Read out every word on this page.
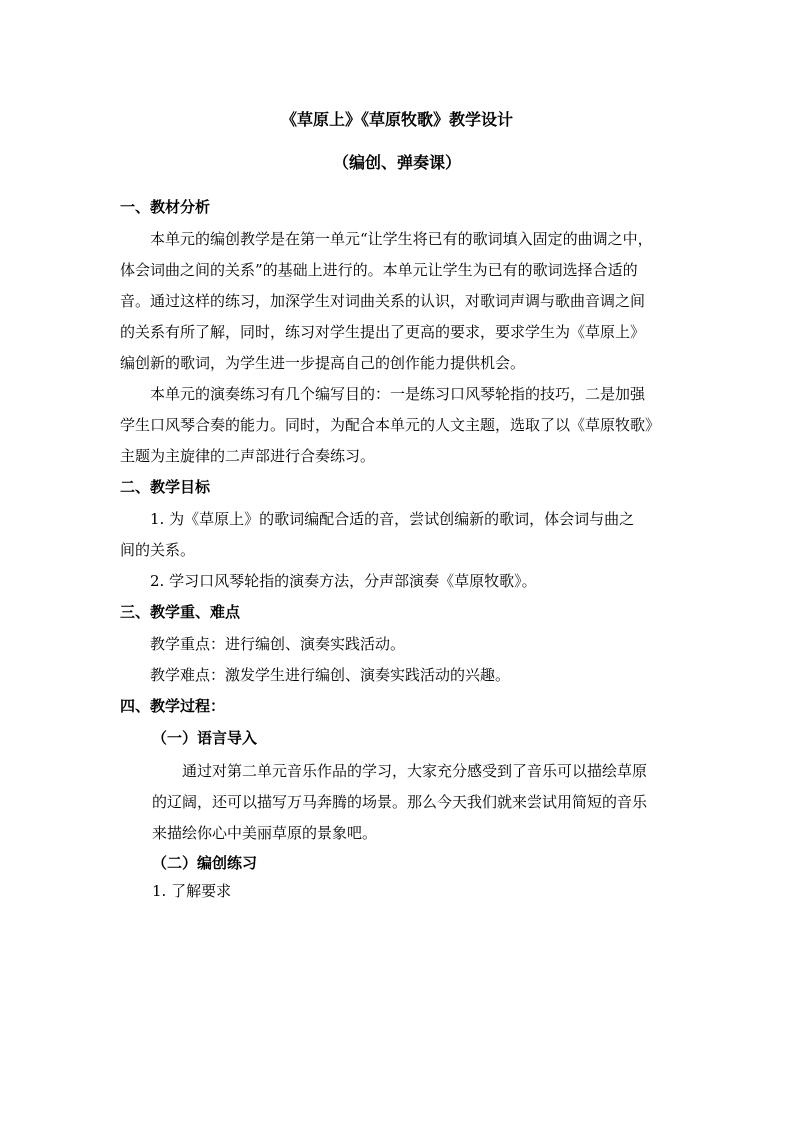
《草原上》《草原牧歌》教学设计
（编创、弹奏课）
一、教材分析
本单元的编创教学是在第一单元“让学生将已有的歌词填入固定的曲调之中，
体会词曲之间的关系”的基础上进行的。本单元让学生为已有的歌词选择合适的
音。通过这样的练习，加深学生对词曲关系的认识，对歌词声调与歌曲音调之间
的关系有所了解，同时，练习对学生提出了更高的要求，要求学生为《草原上》
编创新的歌词，为学生进一步提高自己的创作能力提供机会。
本单元的演奏练习有几个编写目的：一是练习口风琴轮指的技巧，二是加强
学生口风琴合奏的能力。同时，为配合本单元的人文主题，选取了以《草原牧歌》
主题为主旋律的二声部进行合奏练习。
二、教学目标
1. 为《草原上》的歌词编配合适的音，尝试创编新的歌词，体会词与曲之
间的关系。
2. 学习口风琴轮指的演奏方法，分声部演奏《草原牧歌》。
三、教学重、难点
教学重点：进行编创、演奏实践活动。
教学难点：激发学生进行编创、演奏实践活动的兴趣。
四、教学过程：
（一）语言导入
通过对第二单元音乐作品的学习，大家充分感受到了音乐可以描绘草原
的辽阔，还可以描写万马奔腾的场景。那么今天我们就来尝试用简短的音乐
来描绘你心中美丽草原的景象吧。
（二）编创练习
1. 了解要求
